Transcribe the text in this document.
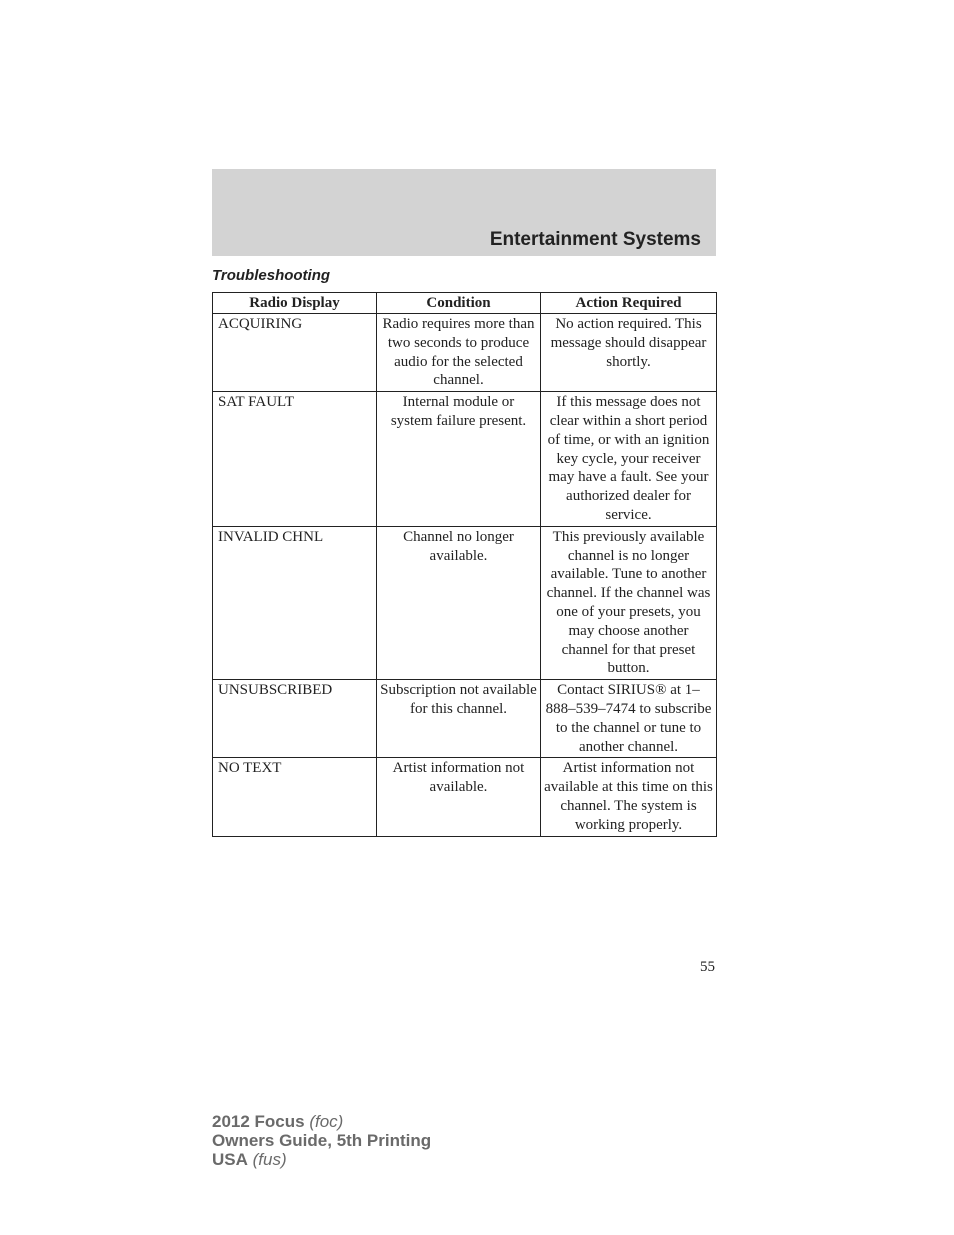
Entertainment Systems
Troubleshooting
Radio Display	Condition	Action Required
ACQUIRING	Radio requires more than two seconds to produce audio for the selected channel.	No action required. This message should disappear shortly.
SAT FAULT	Internal module or system failure present.	If this message does not clear within a short period of time, or with an ignition key cycle, your receiver may have a fault. See your authorized dealer for service.
INVALID CHNL	Channel no longer available.	This previously available channel is no longer available. Tune to another channel. If the channel was one of your presets, you may choose another channel for that preset button.
UNSUBSCRIBED	Subscription not available for this channel.	Contact SIRIUS® at 1–888–539–7474 to subscribe to the channel or tune to another channel.
NO TEXT	Artist information not available.	Artist information not available at this time on this channel. The system is working properly.
55
2012 Focus (foc)
Owners Guide, 5th Printing
USA (fus)
